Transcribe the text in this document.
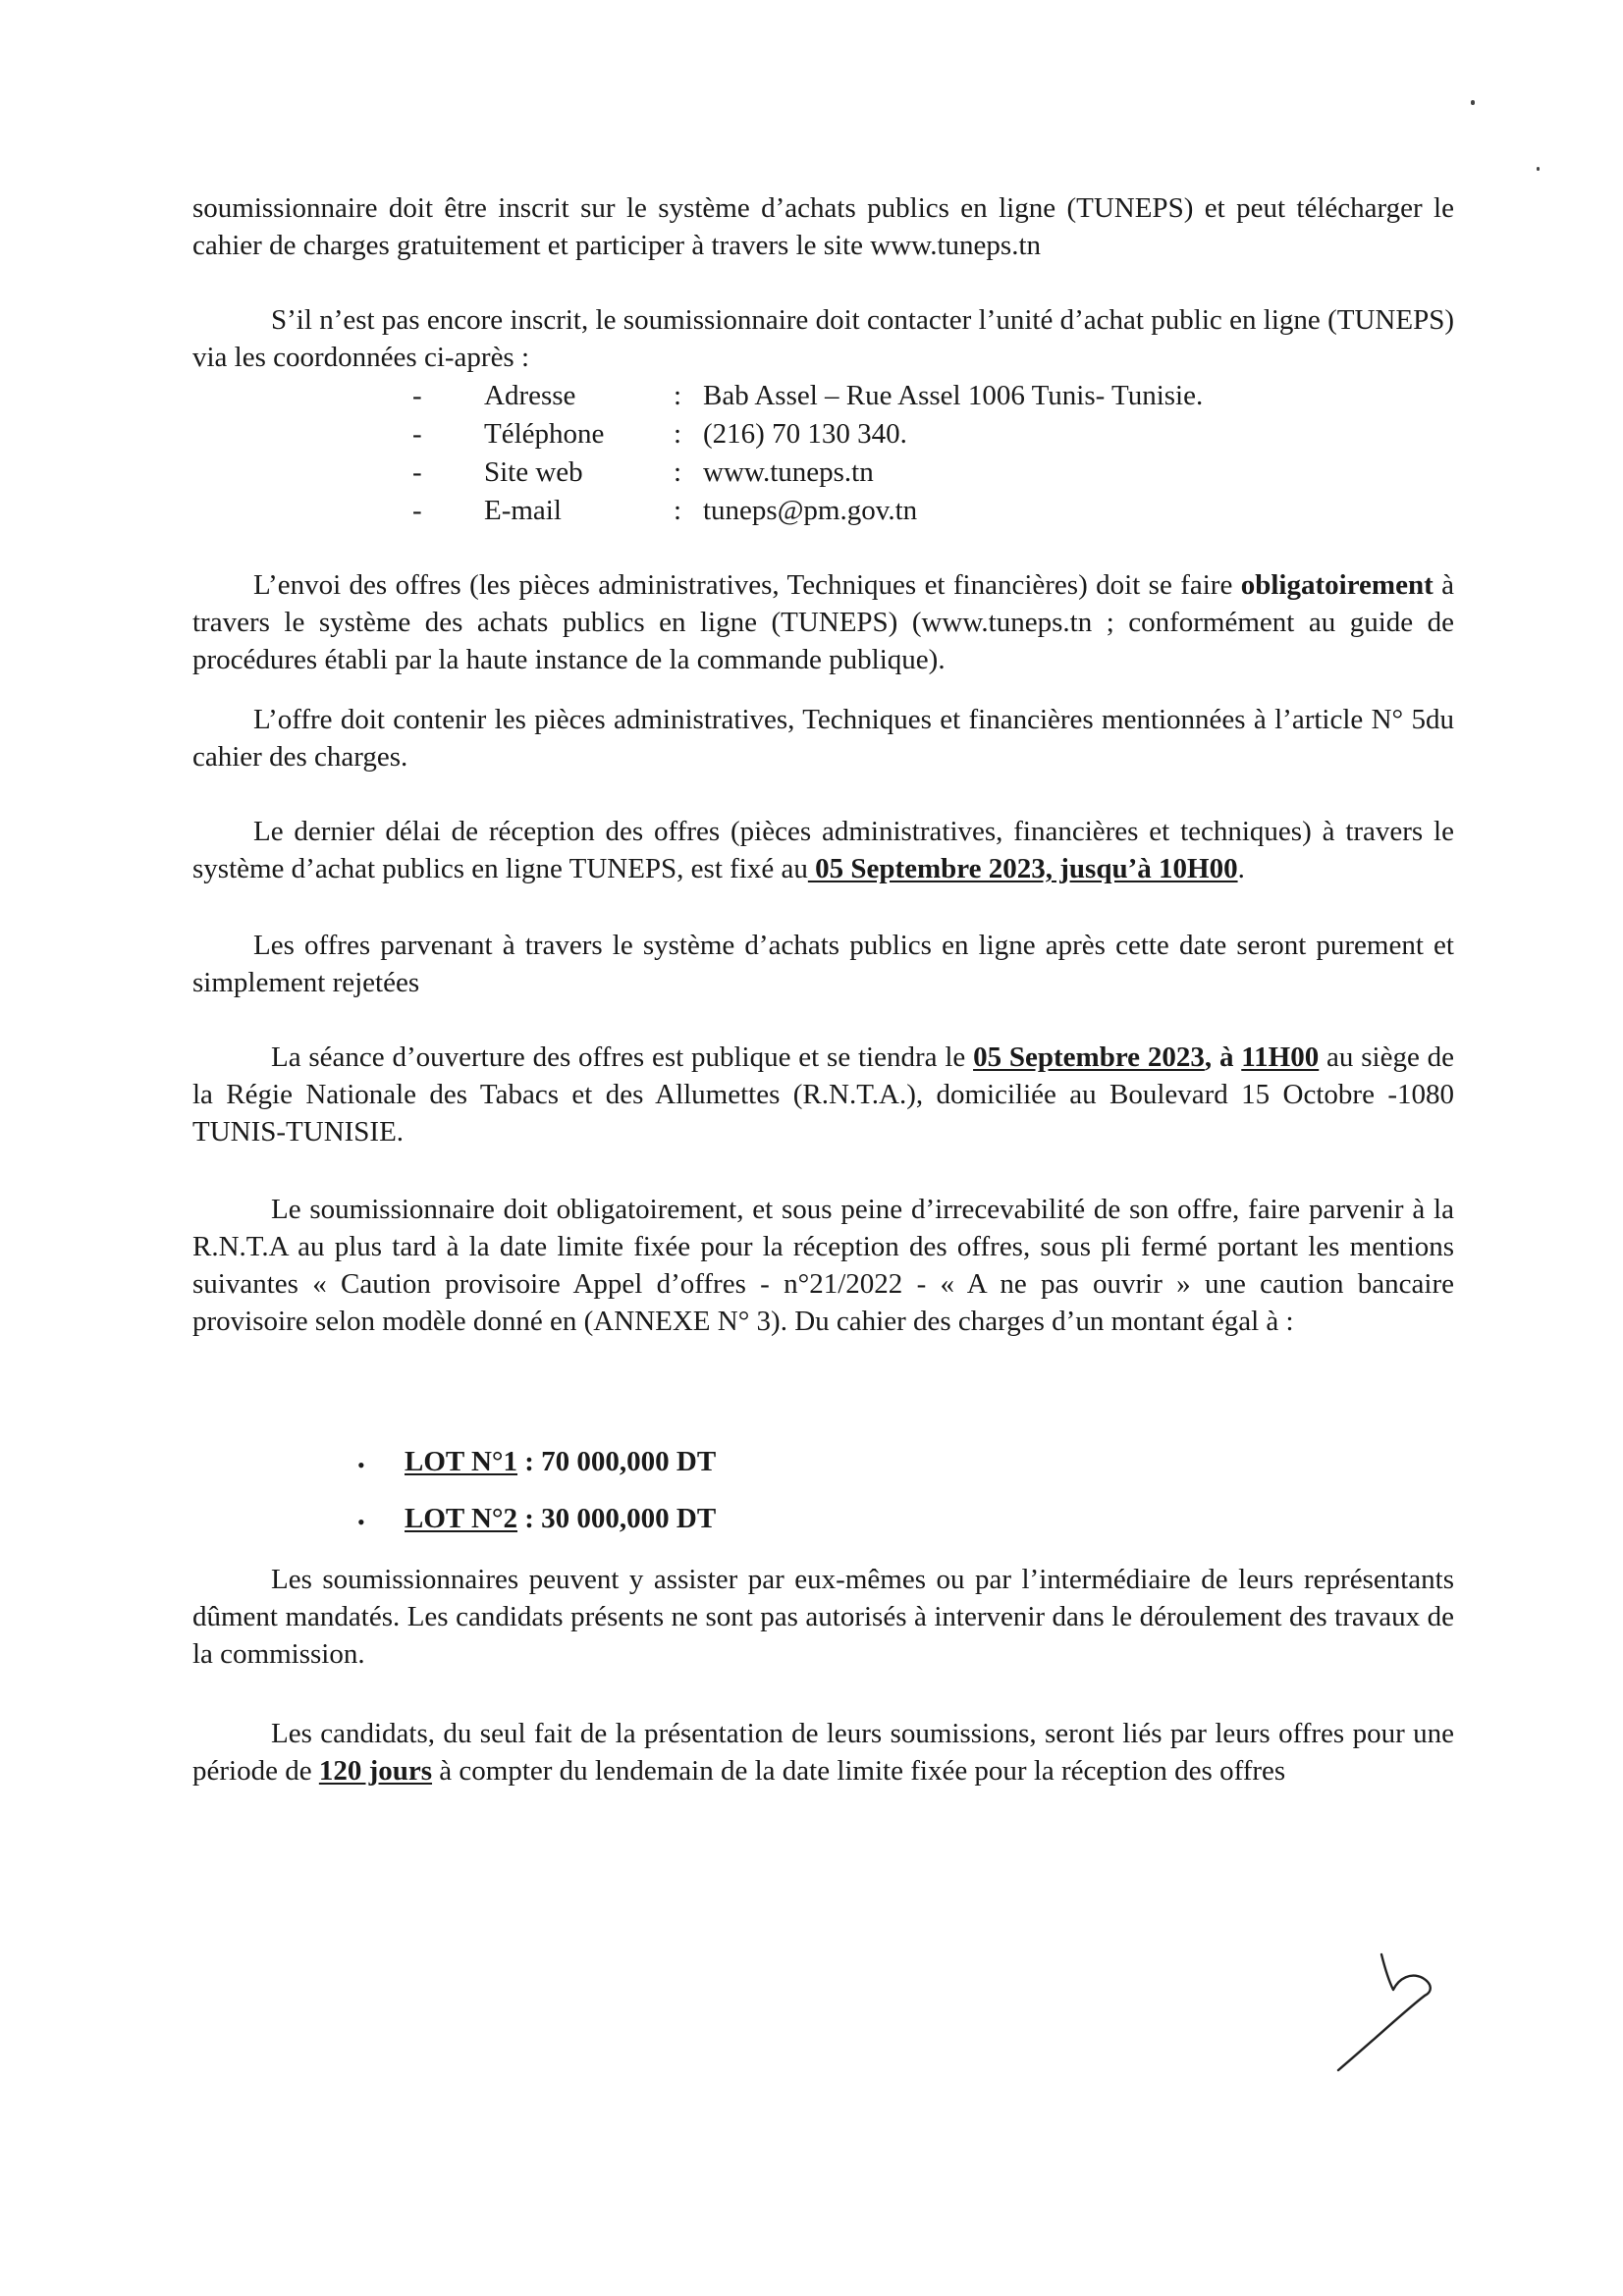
soumissionnaire doit être inscrit sur le système d’achats publics en ligne (TUNEPS) et peut télécharger le cahier de charges gratuitement et participer à travers le site www.tuneps.tn

S’il n’est pas encore inscrit, le soumissionnaire doit contacter l’unité d’achat public en ligne (TUNEPS) via les coordonnées ci-après :

- Adresse	: Bab Assel – Rue Assel 1006 Tunis- Tunisie.
- Téléphone : (216) 70 130 340.
- Site web	: www.tuneps.tn
- E-mail	: tuneps@pm.gov.tn

L’envoi des offres (les pièces administratives, Techniques et financières) doit se faire obligatoirement à travers le système des achats publics en ligne (TUNEPS) (www.tuneps.tn ; conformément au guide de procédures établi par la haute instance de la commande publique).

L’offre doit contenir les pièces administratives, Techniques et financières mentionnées à l’article N° 5du cahier des charges.

Le dernier délai de réception des offres (pièces administratives, financières et techniques) à travers le système d’achat publics en ligne TUNEPS, est fixé au 05 Septembre 2023, jusqu’à 10H00.

Les offres parvenant à travers le système d’achats publics en ligne après cette date seront purement et simplement rejetées

La séance d’ouverture des offres est publique et se tiendra le 05 Septembre 2023, à 11H00 au siège de la Régie Nationale des Tabacs et des Allumettes (R.N.T.A.), domiciliée au Boulevard 15 Octobre -1080 TUNIS-TUNISIE.

Le soumissionnaire doit obligatoirement, et sous peine d’irrecevabilité de son offre, faire parvenir à la R.N.T.A au plus tard à la date limite fixée pour la réception des offres, sous pli fermé portant les mentions suivantes « Caution provisoire Appel d’offres - n°21/2022 - « A ne pas ouvrir » une caution bancaire provisoire selon modèle donné en (ANNEXE N° 3). Du cahier des charges d’un montant égal à :

• LOT N°1 : 70 000,000 DT
• LOT N°2 : 30 000,000 DT

Les soumissionnaires peuvent y assister par eux-mêmes ou par l’intermédiaire de leurs représentants dûment mandatés. Les candidats présents ne sont pas autorisés à intervenir dans le déroulement des travaux de la commission.

Les candidats, du seul fait de la présentation de leurs soumissions, seront liés par leurs offres pour une période de 120 jours à compter du lendemain de la date limite fixée pour la réception des offres
